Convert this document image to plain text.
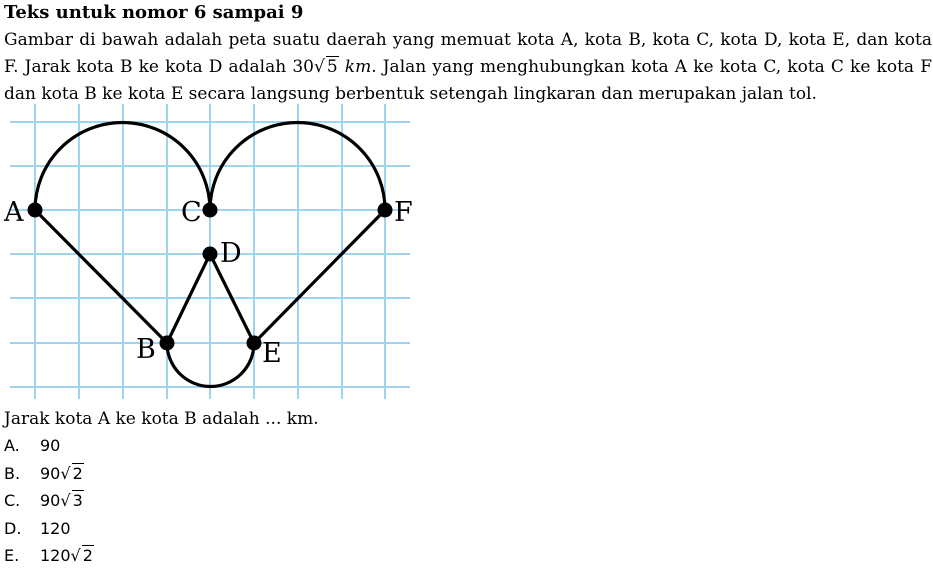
Teks untuk nomor 6 sampai 9
Gambar di bawah adalah peta suatu daerah yang memuat kota A, kota B, kota C, kota D, kota E, dan kota F. Jarak kota B ke kota D adalah 30√ 5 km. Jalan yang menghubungkan kota A ke kota C, kota C ke kota F dan kota B ke kota E secara langsung berbentuk setengah lingkaran dan merupakan jalan tol.
A
B
C
D
E
F
Jarak kota A ke kota B adalah ... km.
A. 90
B. 90√ 2
C. 90√ 3
D. 120
E. 120√ 2
